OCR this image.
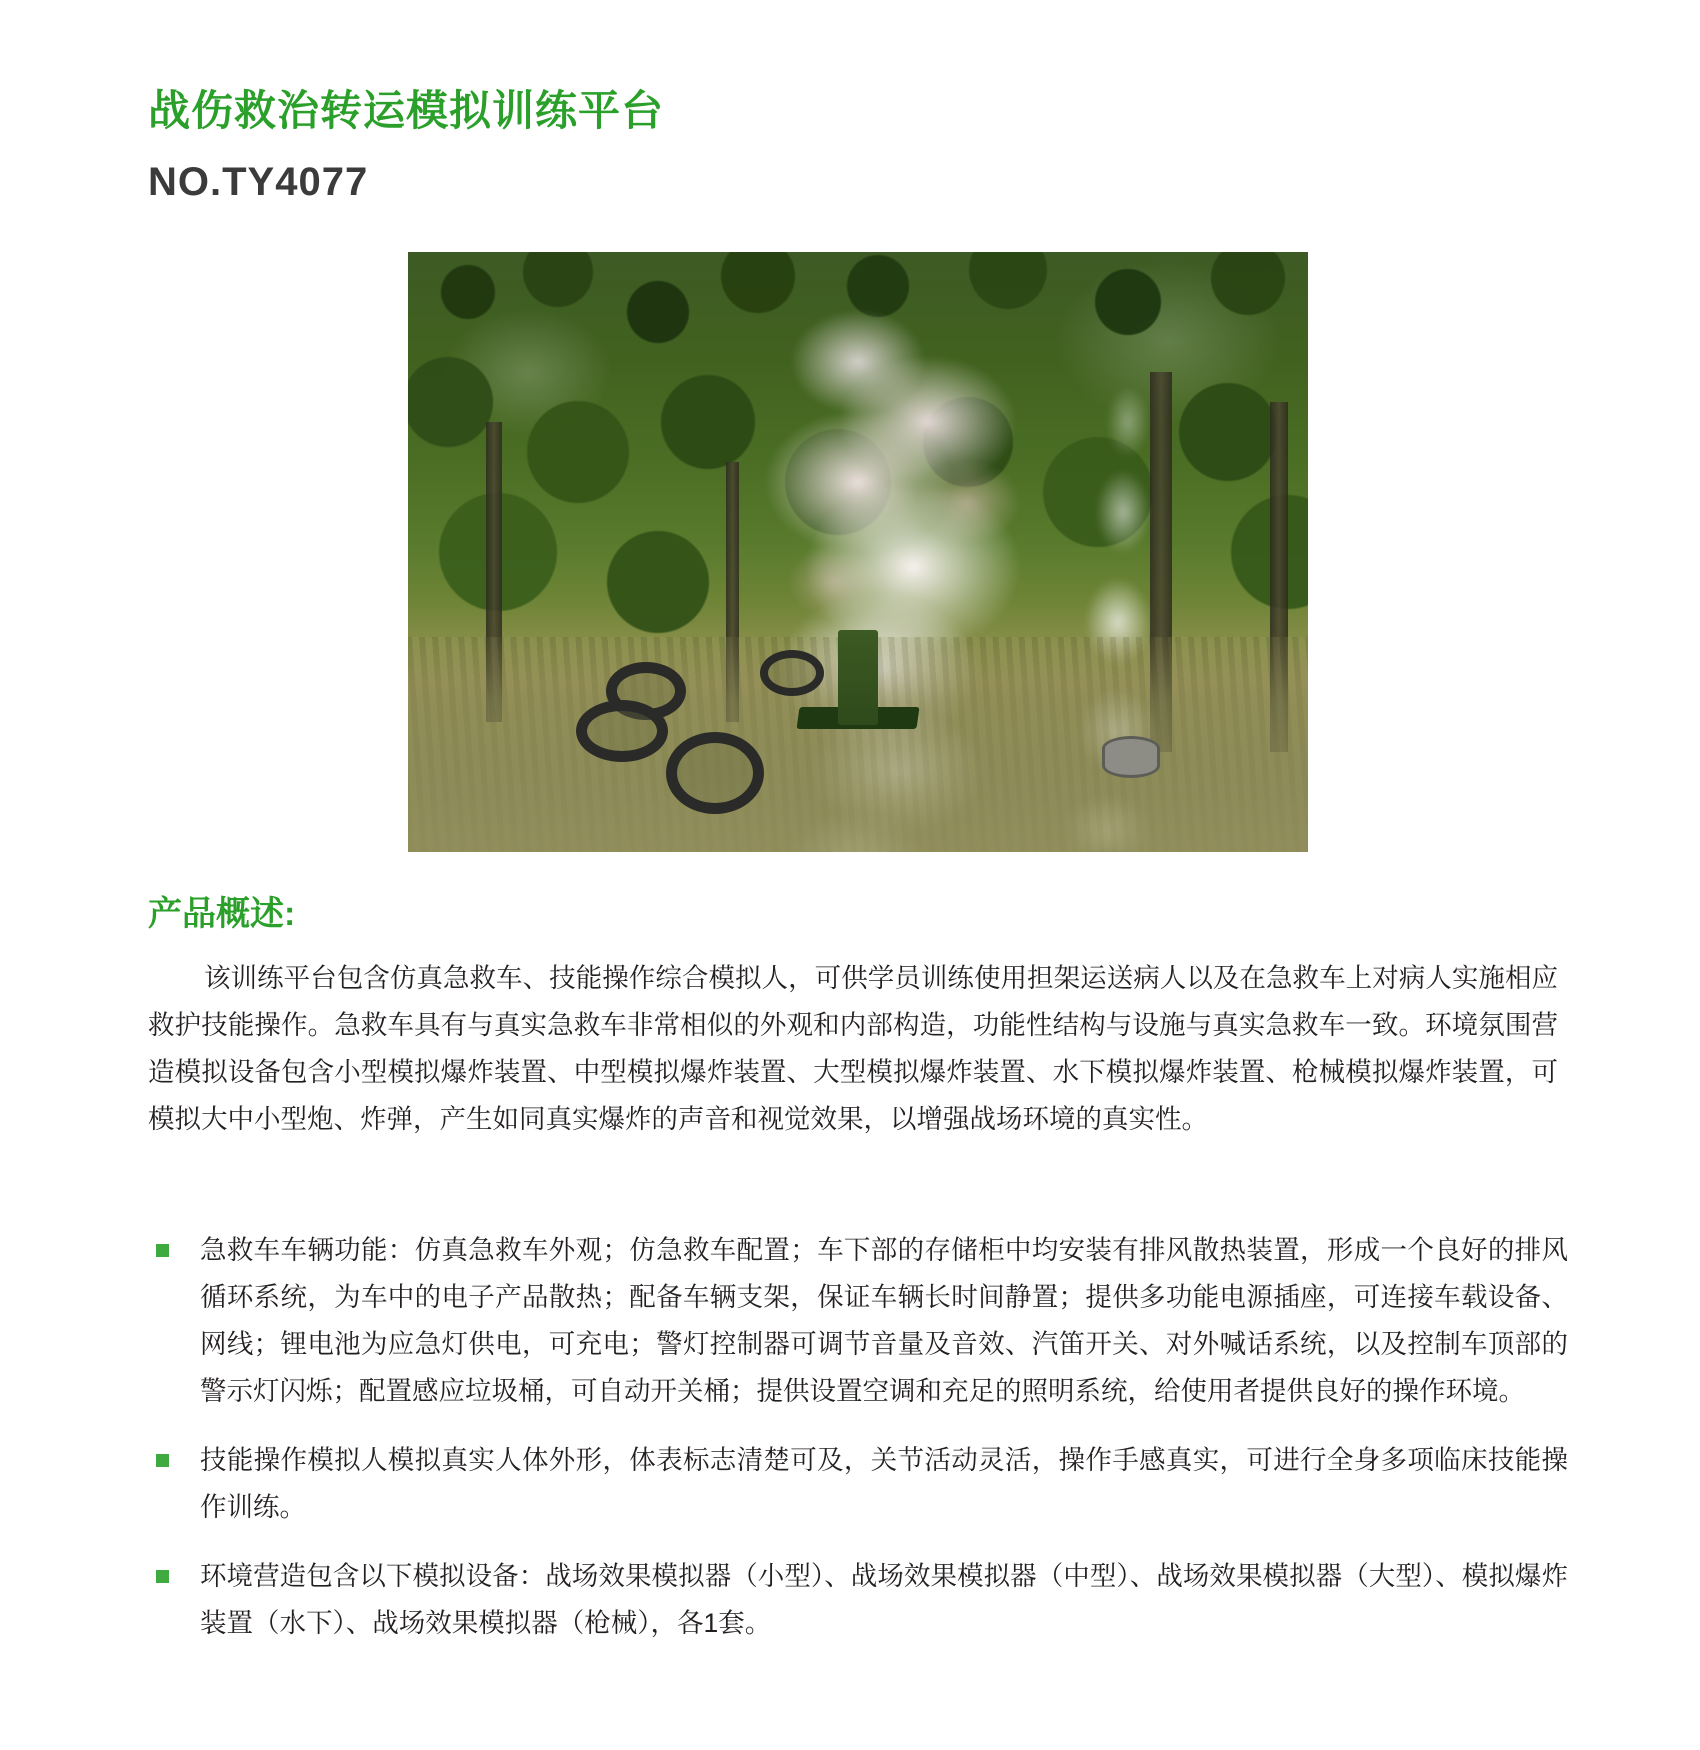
战伤救治转运模拟训练平台
NO.TY4077
产品概述:
该训练平台包含仿真急救车、技能操作综合模拟人，可供学员训练使用担架运送病人以及在急救车上对病人实施相应救护技能操作。急救车具有与真实急救车非常相似的外观和内部构造，功能性结构与设施与真实急救车一致。环境氛围营造模拟设备包含小型模拟爆炸装置、中型模拟爆炸装置、大型模拟爆炸装置、水下模拟爆炸装置、枪械模拟爆炸装置，可模拟大中小型炮、炸弹，产生如同真实爆炸的声音和视觉效果，以增强战场环境的真实性。
急救车车辆功能：仿真急救车外观；仿急救车配置；车下部的存储柜中均安装有排风散热装置，形成一个良好的排风循环系统，为车中的电子产品散热；配备车辆支架，保证车辆长时间静置；提供多功能电源插座，可连接车载设备、网线；锂电池为应急灯供电，可充电；警灯控制器可调节音量及音效、汽笛开关、对外喊话系统，以及控制车顶部的警示灯闪烁；配置感应垃圾桶，可自动开关桶；提供设置空调和充足的照明系统，给使用者提供良好的操作环境。
技能操作模拟人模拟真实人体外形，体表标志清楚可及，关节活动灵活，操作手感真实，可进行全身多项临床技能操作训练。
环境营造包含以下模拟设备：战场效果模拟器（小型）、战场效果模拟器（中型）、战场效果模拟器（大型）、模拟爆炸装置（水下）、战场效果模拟器（枪械），各1套。
